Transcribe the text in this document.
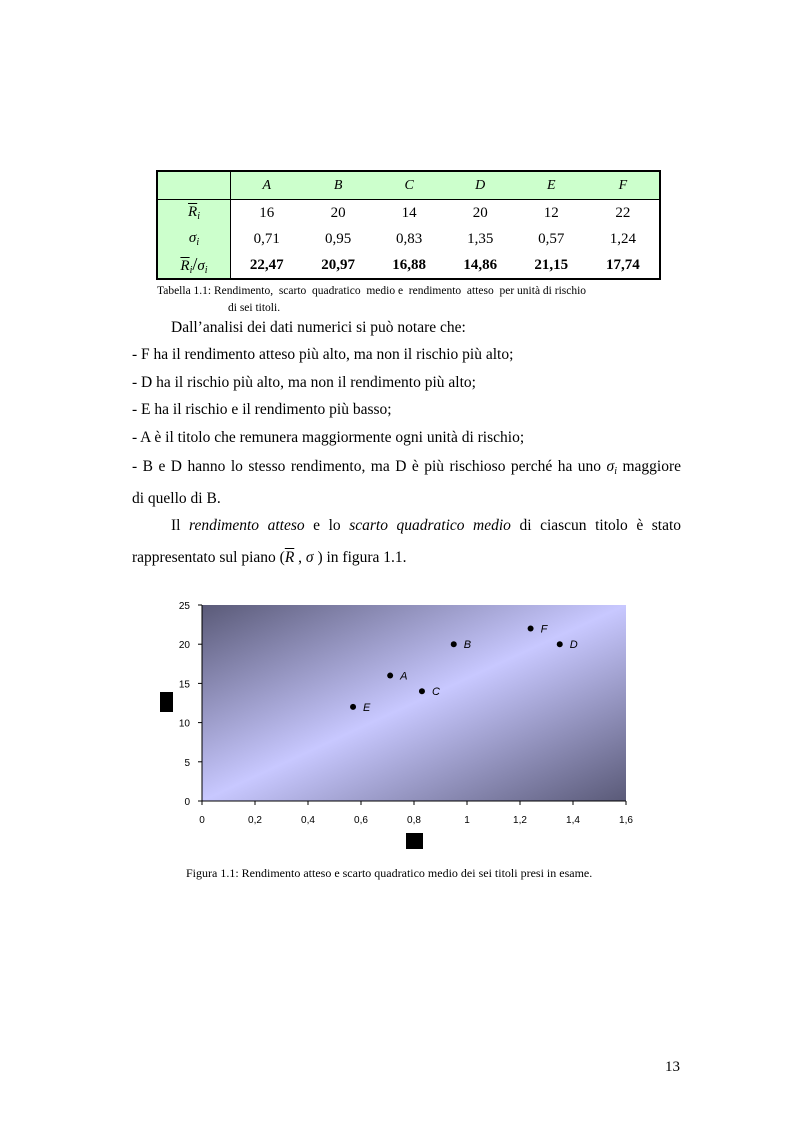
	A	B	C	D	E	F
$\overline{R}_i$	16	20	14	20	12	22
$\sigma_i$	0,71	0,95	0,83	1,35	0,57	1,24
$\overline{R}_i/\sigma_i$	22,47	20,97	16,88	14,86	21,15	17,74
Tabella 1.1: Rendimento,  scarto  quadratico  medio e  rendimento  atteso  per unità di rischio
di sei titoli.
Dall’analisi dei dati numerici si può notare che:
- F ha il rendimento atteso più alto, ma non il rischio più alto;
- D ha il rischio più alto, ma non il rendimento più alto;
- E ha il rischio e il rendimento più basso;
- A è il titolo che remunera maggiormente ogni unità di rischio;
- B e D hanno lo stesso rendimento, ma D è più rischioso perché ha uno $\sigma_i$ maggiore
di quello di B.
Il rendimento atteso e lo scarto quadratico medio di ciascun titolo è stato
rappresentato sul piano ($\overline{R}$ , σ ) in figura 1.1.
0	0,2	0,4	0,6	0,8	1	1,2	1,4	1,6
0
5
10
15
20
25
A
B
C
D
E
F
Figura 1.1: Rendimento atteso e scarto quadratico medio dei sei titoli presi in esame.
13
